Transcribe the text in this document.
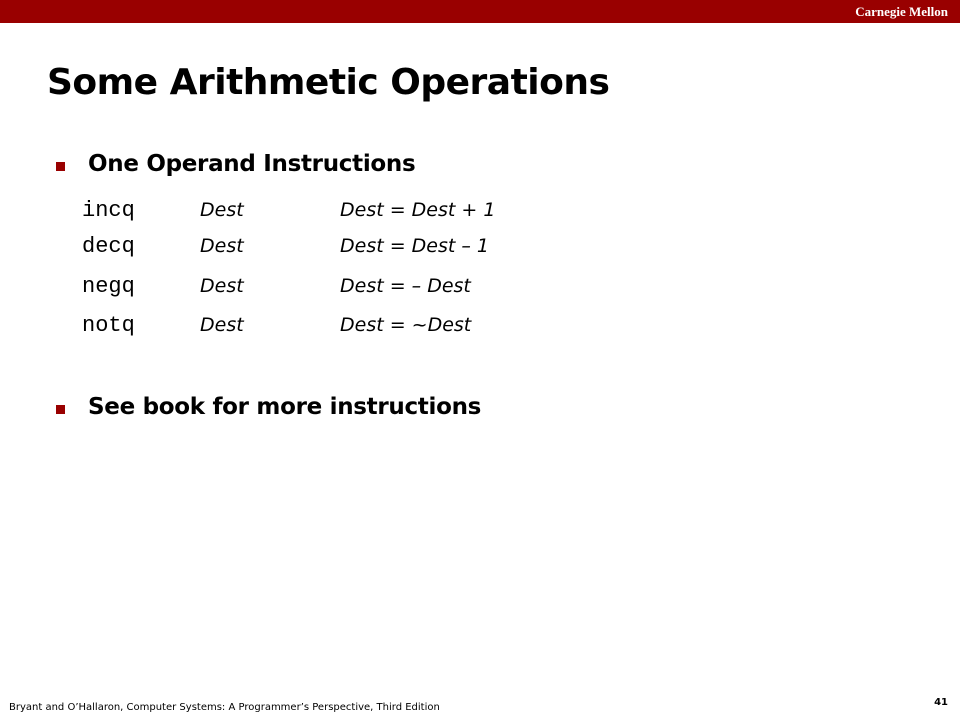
Carnegie Mellon
Some Arithmetic Operations
One Operand Instructions
incq	Dest	Dest = Dest + 1
decq	Dest	Dest = Dest – 1
negq	Dest	Dest = – Dest
notq	Dest	Dest = ~Dest
See book for more instructions
Bryant and O’Hallaron, Computer Systems: A Programmer’s Perspective, Third Edition	41
